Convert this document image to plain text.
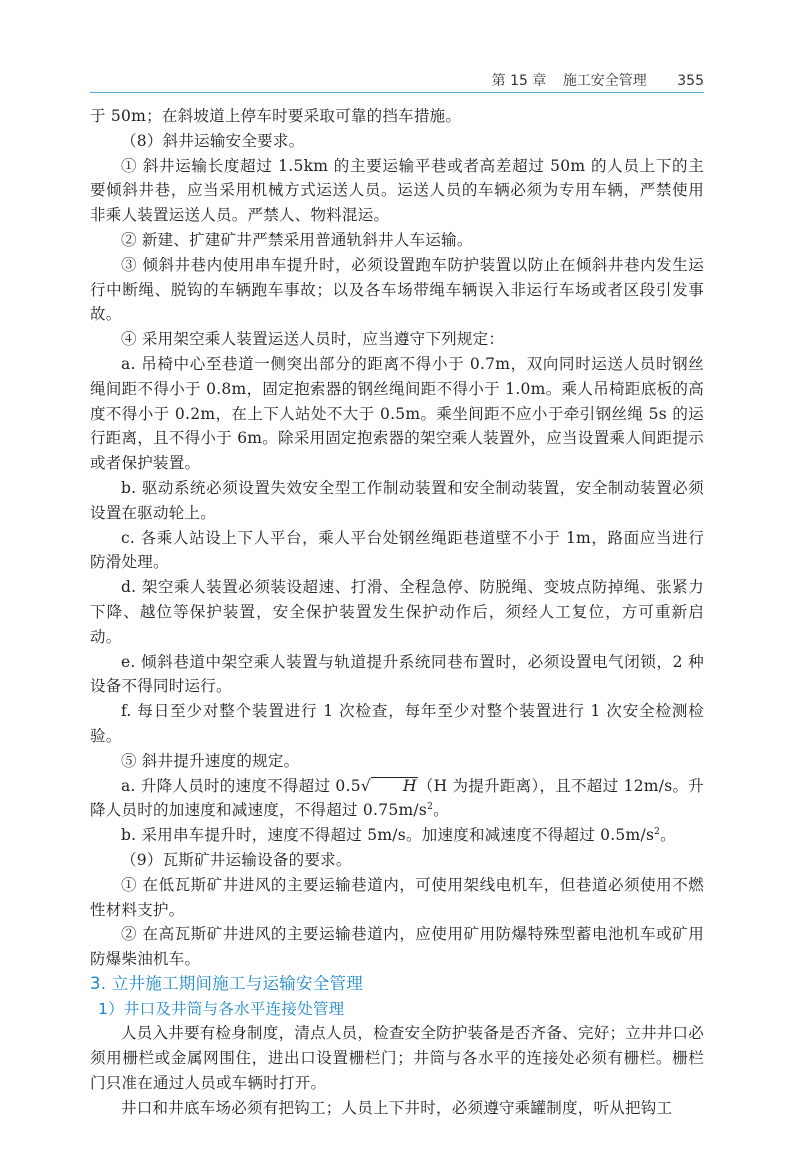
第 15 章 施工安全管理 355

于 50m；在斜坡道上停车时要采取可靠的挡车措施。

（8）斜井运输安全要求。

① 斜井运输长度超过 1.5km 的主要运输平巷或者高差超过 50m 的人员上下的主要倾斜井巷，应当采用机械方式运送人员。运送人员的车辆必须为专用车辆，严禁使用非乘人装置运送人员。严禁人、物料混运。

② 新建、扩建矿井严禁采用普通轨斜井人车运输。

③ 倾斜井巷内使用串车提升时，必须设置跑车防护装置以防止在倾斜井巷内发生运行中断绳、脱钩的车辆跑车事故；以及各车场带绳车辆误入非运行车场或者区段引发事故。

④ 采用架空乘人装置运送人员时，应当遵守下列规定：

a. 吊椅中心至巷道一侧突出部分的距离不得小于 0.7m，双向同时运送人员时钢丝绳间距不得小于 0.8m，固定抱索器的钢丝绳间距不得小于 1.0m。乘人吊椅距底板的高度不得小于 0.2m，在上下人站处不大于 0.5m。乘坐间距不应小于牵引钢丝绳 5s 的运行距离，且不得小于 6m。除采用固定抱索器的架空乘人装置外，应当设置乘人间距提示或者保护装置。

b. 驱动系统必须设置失效安全型工作制动装置和安全制动装置，安全制动装置必须设置在驱动轮上。

c. 各乘人站设上下人平台，乘人平台处钢丝绳距巷道壁不小于 1m，路面应当进行防滑处理。

d. 架空乘人装置必须装设超速、打滑、全程急停、防脱绳、变坡点防掉绳、张紧力下降、越位等保护装置，安全保护装置发生保护动作后，须经人工复位，方可重新启动。

e. 倾斜巷道中架空乘人装置与轨道提升系统同巷布置时，必须设置电气闭锁，2 种设备不得同时运行。

f. 每日至少对整个装置进行 1 次检查，每年至少对整个装置进行 1 次安全检测检验。

⑤ 斜井提升速度的规定。

a. 升降人员时的速度不得超过 0.5√ H（H 为提升距离），且不超过 12m/s。升降人员时的加速度和减速度，不得超过 $0.75m/s^2$。

b. 采用串车提升时，速度不得超过 5m/s。加速度和减速度不得超过 $0.5m/s^2$。

（9）瓦斯矿井运输设备的要求。

① 在低瓦斯矿井进风的主要运输巷道内，可使用架线电机车，但巷道必须使用不燃性材料支护。

② 在高瓦斯矿井进风的主要运输巷道内，应使用矿用防爆特殊型蓄电池机车或矿用防爆柴油机车。

3. 立井施工期间施工与运输安全管理

1）井口及井筒与各水平连接处管理

人员入井要有检身制度，清点人员，检查安全防护装备是否齐备、完好；立井井口必须用栅栏或金属网围住，进出口设置栅栏门；井筒与各水平的连接处必须有栅栏。栅栏门只准在通过人员或车辆时打开。

井口和井底车场必须有把钩工；人员上下井时，必须遵守乘罐制度，听从把钩工
